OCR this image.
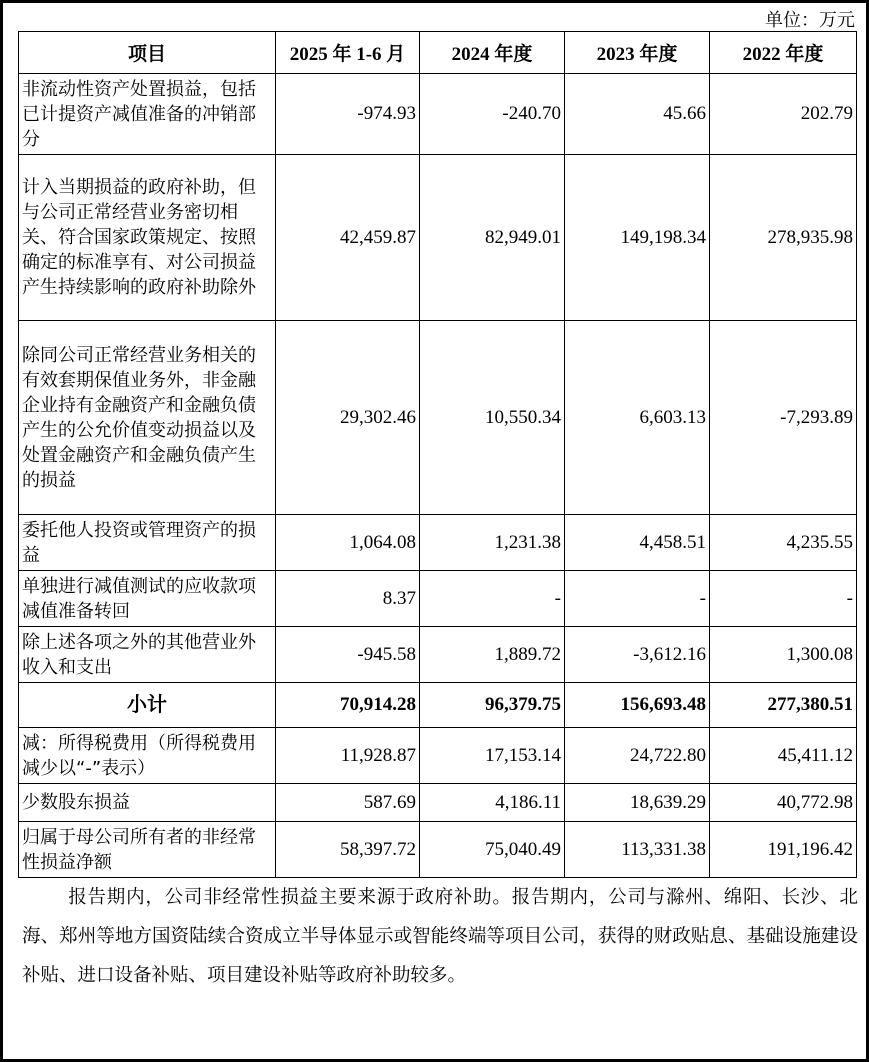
单位：万元
项目	2025 年 1-6 月	2024 年度	2023 年度	2022 年度
非流动性资产处置损益，包括已计提资产减值准备的冲销部分	-974.93	-240.70	45.66	202.79
计入当期损益的政府补助，但与公司正常经营业务密切相关、符合国家政策规定、按照确定的标准享有、对公司损益产生持续影响的政府补助除外	42,459.87	82,949.01	149,198.34	278,935.98
除同公司正常经营业务相关的有效套期保值业务外，非金融企业持有金融资产和金融负债产生的公允价值变动损益以及处置金融资产和金融负债产生的损益	29,302.46	10,550.34	6,603.13	-7,293.89
委托他人投资或管理资产的损益	1,064.08	1,231.38	4,458.51	4,235.55
单独进行减值测试的应收款项减值准备转回	8.37	-	-	-
除上述各项之外的其他营业外收入和支出	-945.58	1,889.72	-3,612.16	1,300.08
小计	70,914.28	96,379.75	156,693.48	277,380.51
减：所得税费用（所得税费用减少以“-”表示）	11,928.87	17,153.14	24,722.80	45,411.12
少数股东损益	587.69	4,186.11	18,639.29	40,772.98
归属于母公司所有者的非经常性损益净额	58,397.72	75,040.49	113,331.38	191,196.42
报告期内，公司非经常性损益主要来源于政府补助。报告期内，公司与滁州、绵阳、长沙、北海、郑州等地方国资陆续合资成立半导体显示或智能终端等项目公司，获得的财政贴息、基础设施建设补贴、进口设备补贴、项目建设补贴等政府补助较多。
